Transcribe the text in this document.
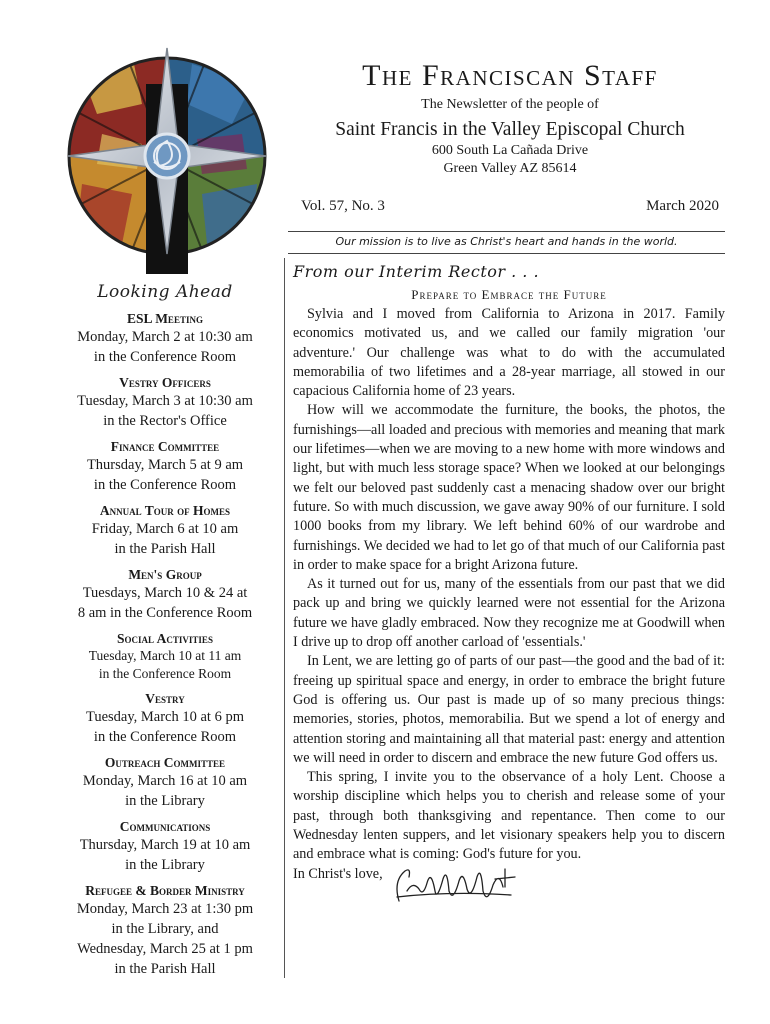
The Franciscan Staff
The Newsletter of the people of
Saint Francis in the Valley Episcopal Church
600 South La Cañada Drive
Green Valley AZ 85614
Vol. 57, No. 3	March 2020
Our mission is to live as Christ's heart and hands in the world.
Looking Ahead
ESL Meeting
Monday, March 2 at 10:30 am
in the Conference Room
Vestry Officers
Tuesday, March 3 at 10:30 am
in the Rector's Office
Finance Committee
Thursday, March 5 at 9 am
in the Conference Room
Annual Tour of Homes
Friday, March 6 at 10 am
in the Parish Hall
Men's Group
Tuesdays, March 10 & 24 at
8 am in the Conference Room
Social Activities
Tuesday, March 10 at 11 am
in the Conference Room
Vestry
Tuesday, March 10 at 6 pm
in the Conference Room
Outreach Committee
Monday, March 16 at 10 am
in the Library
Communications
Thursday, March 19 at 10 am
in the Library
Refugee & Border Ministry
Monday, March 23 at 1:30 pm
in the Library, and
Wednesday, March 25 at 1 pm
in the Parish Hall
From our Interim Rector . . .
Prepare to Embrace the Future

Sylvia and I moved from California to Arizona in 2017. Family economics motivated us, and we called our family migration 'our adventure.' Our challenge was what to do with the accumulated memorabilia of two lifetimes and a 28-year marriage, all stowed in our capacious California home of 23 years.

How will we accommodate the furniture, the books, the photos, the furnishings—all loaded and precious with memories and meaning that mark our lifetimes—when we are moving to a new home with more windows and light, but with much less storage space? When we looked at our belongings we felt our beloved past suddenly cast a menacing shadow over our bright future. So with much discussion, we gave away 90% of our furniture. I sold 1000 books from my library. We left behind 60% of our wardrobe and furnishings. We decided we had to let go of that much of our California past in order to make space for a bright Arizona future.

As it turned out for us, many of the essentials from our past that we did pack up and bring we quickly learned were not essential for the Arizona future we have gladly embraced. Now they recognize me at Goodwill when I drive up to drop off another carload of 'essentials.'

In Lent, we are letting go of parts of our past—the good and the bad of it: freeing up spiritual space and energy, in order to embrace the bright future God is offering us. Our past is made up of so many precious things: memories, stories, photos, memorabilia. But we spend a lot of energy and attention storing and maintaining all that material past: energy and attention we will need in order to discern and embrace the new future God offers us.

This spring, I invite you to the observance of a holy Lent. Choose a worship discipline which helps you to cherish and release some of your past, through both thanksgiving and repentance. Then come to our Wednesday lenten suppers, and let visionary speakers help you to discern and embrace what is coming: God's future for you.

In Christ's love,
